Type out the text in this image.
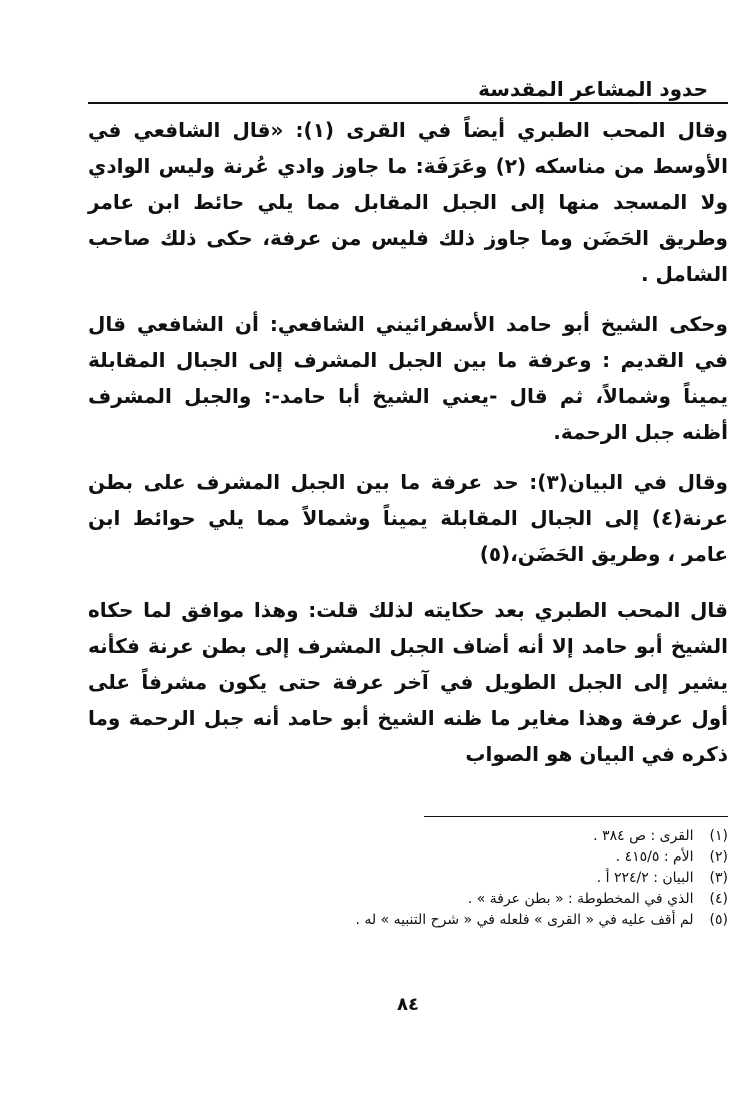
حدود المشاعر المقدسة

وقال المحب الطبري أيضاً في القرى (١): «قال الشافعي في الأوسط من مناسكه (٢) وعَرَفَة: ما جاوز وادي عُرنة وليس الوادي ولا المسجد منها إلى الجبل المقابل مما يلي حائط ابن عامر وطريق الحَضَن وما جاوز ذلك فليس من عرفة، حكى ذلك صاحب الشامل .

وحكى الشيخ أبو حامد الأسفرائيني الشافعي: أن الشافعي قال في القديم : وعرفة ما بين الجبل المشرف إلى الجبال المقابلة يميناً وشمالاً، ثم قال -يعني الشيخ أبا حامد-: والجبل المشرف أظنه جبل الرحمة.

وقال في البيان(٣): حد عرفة ما بين الجبل المشرف على بطن عرنة(٤) إلى الجبال المقابلة يميناً وشمالاً مما يلي حوائط ابن عامر ، وطريق الحَضَن،(٥)

قال المحب الطبري بعد حكايته لذلك قلت: وهذا موافق لما حكاه الشيخ أبو حامد إلا أنه أضاف الجبل المشرف إلى بطن عرنة فكأنه يشير إلى الجبل الطويل في آخر عرفة حتى يكون مشرفاً على أول عرفة وهذا مغاير ما ظنه الشيخ أبو حامد أنه جبل الرحمة وما ذكره في البيان هو الصواب

(١) القرى : ص ٣٨٤ .
(٢) الأم : ٤١٥/٥ .
(٣) البيان : ٢٢٤/٢ أ .
(٤) الذي في المخطوطة : « بطن عرفة » .
(٥) لم أقف عليه في « القرى » فلعله في « شرح التنبيه » له .
٨٤
